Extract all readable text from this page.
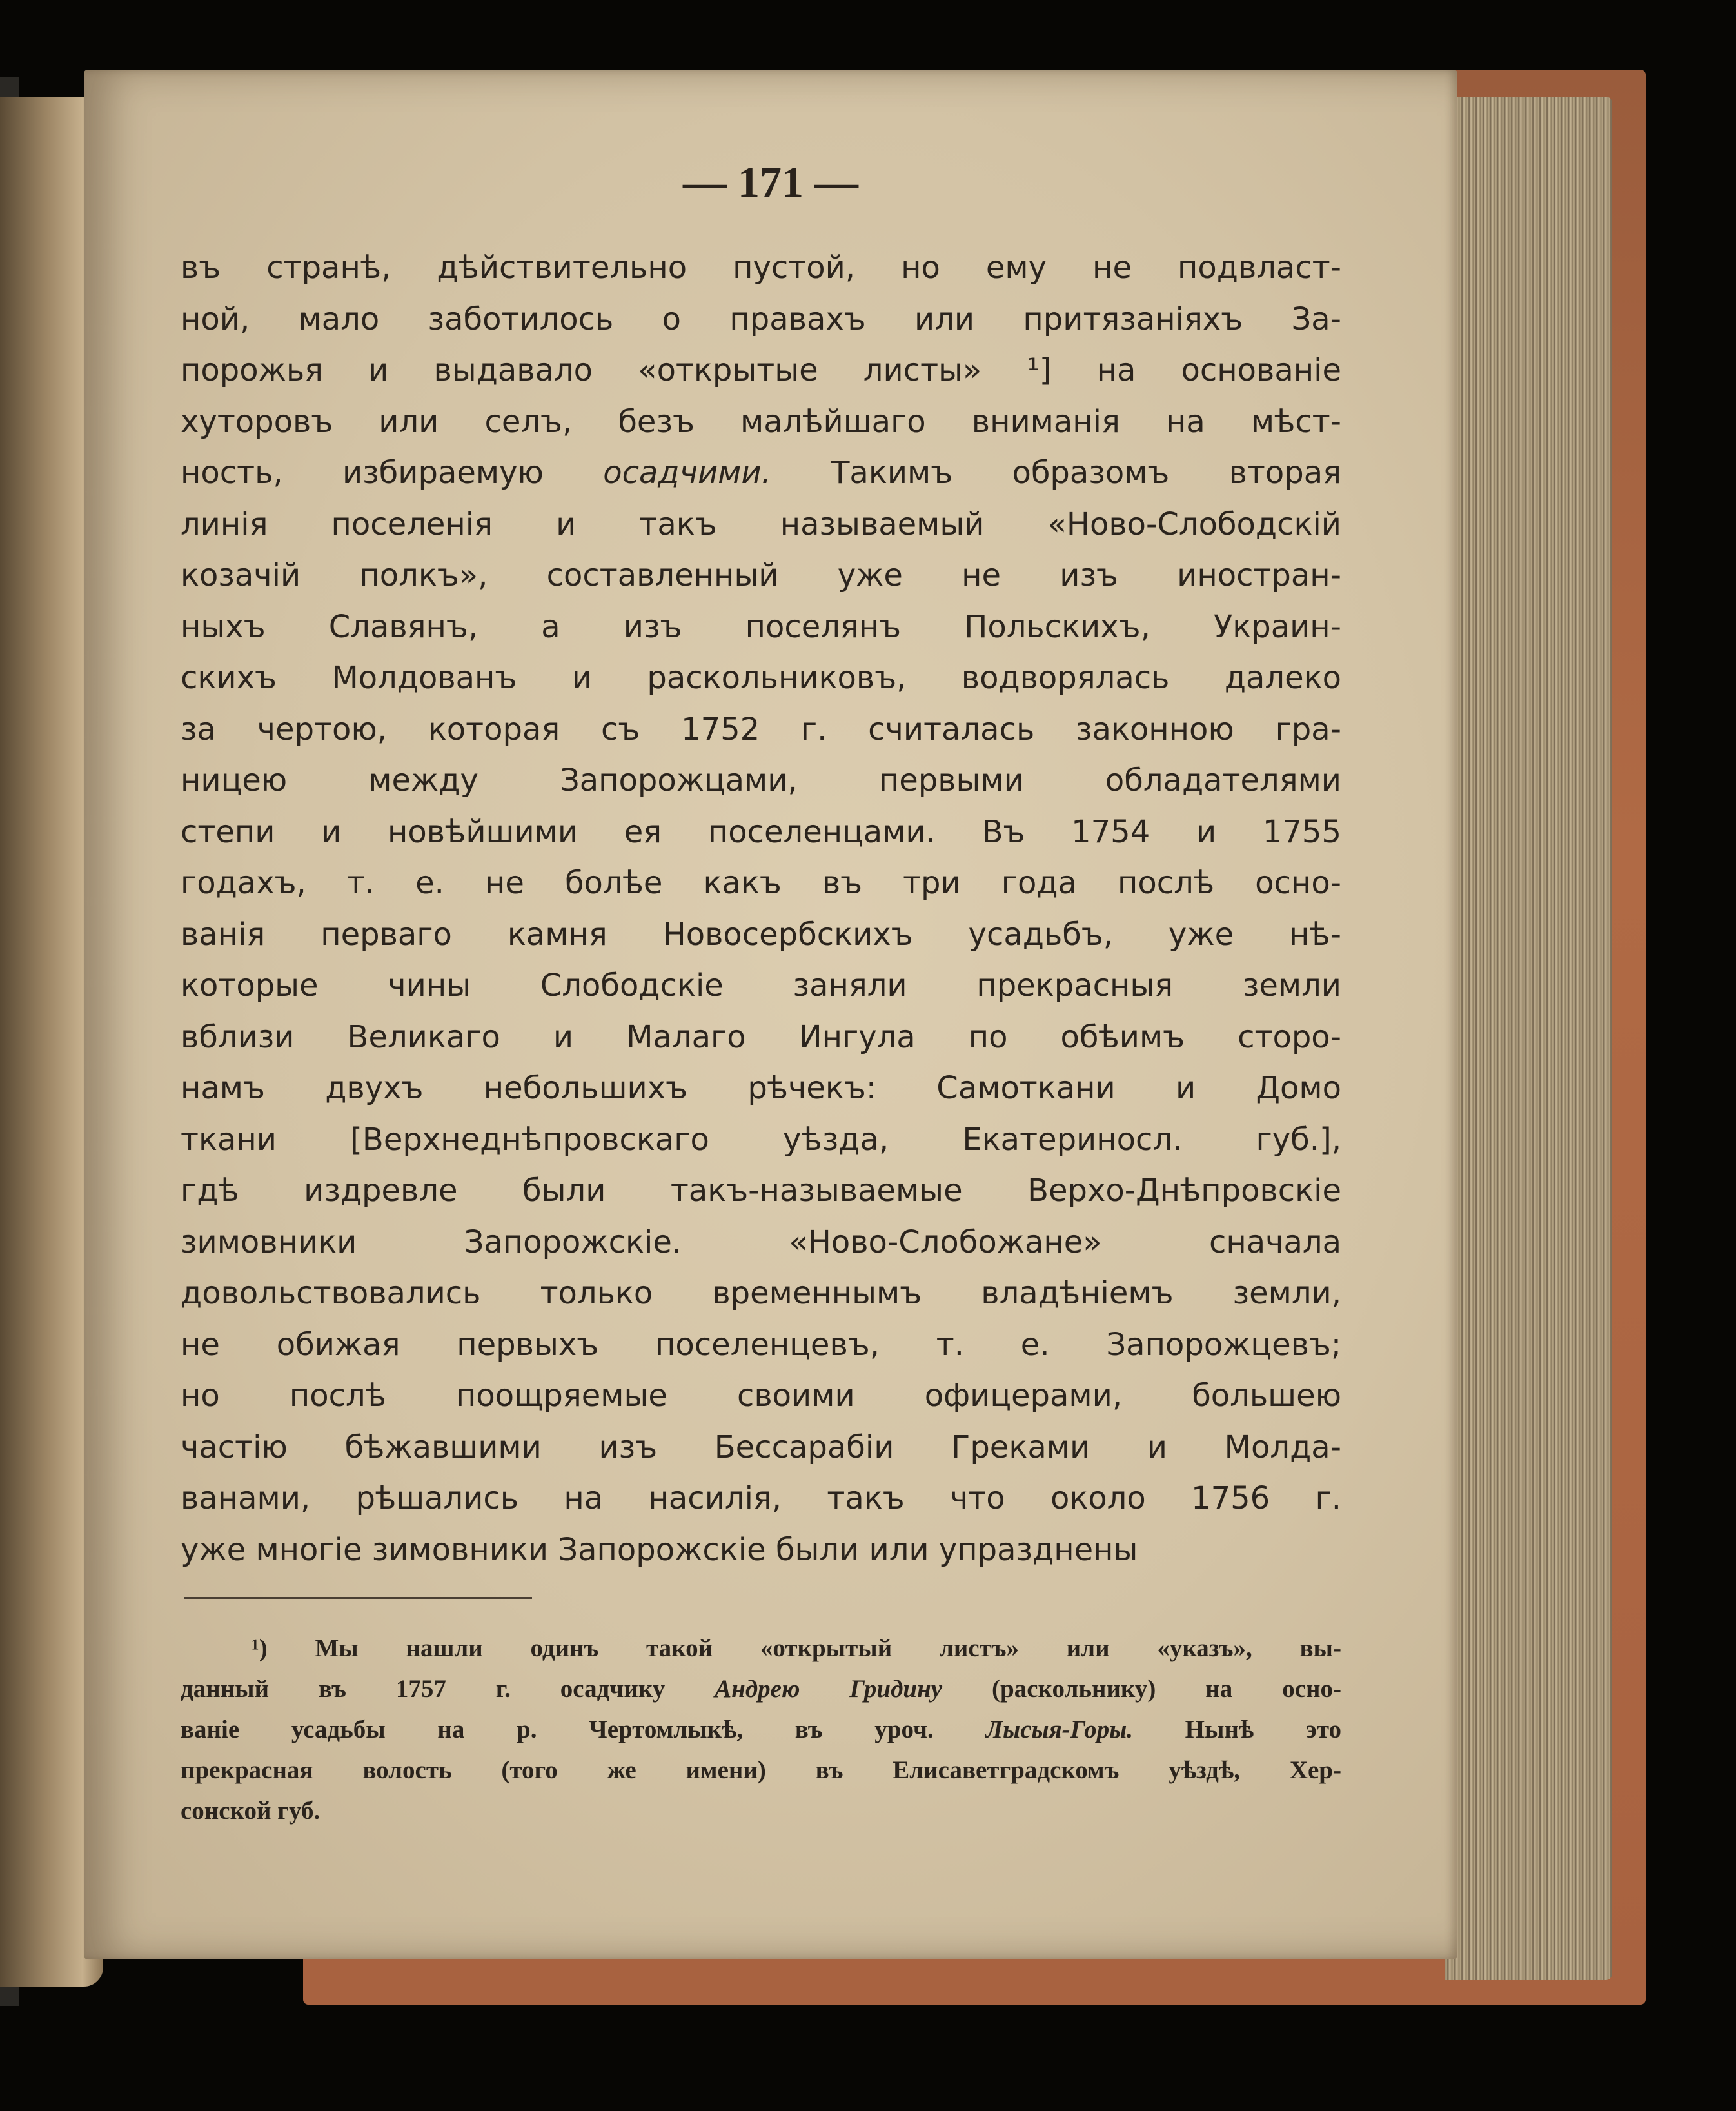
— 171 —
въ странѣ, дѣйствительно пустой, но ему не подвласт-
ной, мало заботилось о правахъ или притязаніяхъ За-
порожья и выдавало «открытые листы» ¹] на основаніе
хуторовъ или селъ, безъ малѣйшаго вниманія на мѣст-
ность, избираемую осадчими. Такимъ образомъ вторая
линія поселенія и такъ называемый «Ново-Слободскій
козачій полкъ», составленный уже не изъ иностран-
ныхъ Славянъ, а изъ поселянъ Польскихъ, Украин-
скихъ Молдованъ и раскольниковъ, водворялась далеко
за чертою, которая съ 1752 г. считалась законною гра-
ницею между Запорожцами, первыми обладателями
степи и новѣйшими ея поселенцами. Въ 1754 и 1755
годахъ, т. е. не болѣе какъ въ три года послѣ осно-
ванія перваго камня Новосербскихъ усадьбъ, уже нѣ-
которые чины Слободскіе заняли прекрасныя земли
вблизи Великаго и Малаго Ингула по обѣимъ сторо-
намъ двухъ небольшихъ рѣчекъ: Самоткани и Домо
ткани [Верхнеднѣпровскаго уѣзда, Екатериносл. губ.],
гдѣ издревле были такъ-называемые Верхо-Днѣпровскіе
зимовники Запорожскіе. «Ново-Слобожане» сначала
довольствовались только временнымъ владѣніемъ земли,
не обижая первыхъ поселенцевъ, т. е. Запорожцевъ;
но послѣ поощряемые своими офицерами, большею
частію бѣжавшими изъ Бессарабіи Греками и Молда-
ванами, рѣшались на насилія, такъ что около 1756 г.
уже многіе зимовники Запорожскіе были или упразднены
¹) Мы нашли одинъ такой «открытый листъ» или «указъ», вы-
данный въ 1757 г. осадчику Андрею Гридину (раскольнику) на осно-
ваніе усадьбы на р. Чертомлыкѣ, въ уроч. Лысыя-Горы. Нынѣ это
прекрасная волость (того же имени) въ Елисаветградскомъ уѣздѣ, Хер-
сонской губ.
